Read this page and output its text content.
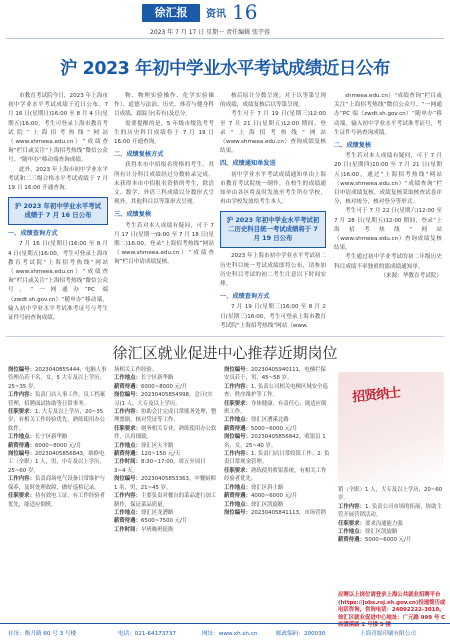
徐汇报	资讯 16
2023 年 7 月 17 日 星期一 责任编辑 张宇蓉
沪 2023 年初中学业水平考试成绩近日公布

市教育考试院今日，2023 年上海市初中学业水平考试成绩于近日公布。7 月 16 日(星期日)16:00 至 8 月 4 日(星期五)16:00，考生可登录上海市教育考试院“上海招考热线”网站（www.shmeea.edu.cn）“成绩查询”栏目或关注“上海招考热线”微信公众号、“随申办”移动端查询成绩。

此外，2023 年上海市初中学业水平考试和二三级合格水平考试成绩于 7 月 19 日 16:00 开通查询。

沪 2023 年初中学业水平考试成绩于 7 月 16 日公布
一、成绩查询方式

7 月 16 日(星期日)16:00 至 8 月 4 日(星期五)16:00，考生可登录上海市教育考试院“上海招考热线”网站（www.shmeea.edu.cn）“成绩查询”栏目或关注“上海招考热线”微信公众号，“一网通办”PC 端（zwdt.sh.gov.cn）“随申办”移动端，输入初中学业水平考试准考证号与考生证件号码查询成绩。

物、物理实验操作、化学实验操作）、道德与法治、历史、体育与健身科目成绩，跟踪分(若有)及总分。

需要提醒的是，5 年级市级选考考生的历史科目成绩将于 7 月 19 日 16:00 开通查询。

二、成绩复核方式

获得本市中招报名资格的考生，其所有计分科目成绩经过分数转录完成，未获得本市中招报名资格的考生，除语文、数学、外语三科成绩以分数形式呈现外，其他科目以等第形式呈现。

三、成绩复核

考生若对本人成绩有疑问，可于 7 月 17 日(星期一)9:00 至 7 月 18 日(星期二)16:00，登录“上海招考热线”网站（www.shmeea.edu.cn）“成绩查询”栏目申请成绩复核。

核后原计分数呈现；对于以等第呈现的成绩，成绩复核后以等第呈现。

考生可于 7 月 19 日(星期三)12:00 至 7 月 21 日(星期五)12:00 期间，登录“上海招考热线”网站（www.shmeea.edu.cn）查询成绩复核结果。

四、成绩通知单发送

初中学业水平考试成绩通知单由上海市教育考试院统一制作，在校生的成绩通知单由各区将及时发放至考生所在学校，再由学校发放给考生本人。

沪 2023 年初中学业水平考试初二历史科目统一考试成绩将于 7 月 19 日公布

2023 年上海市初中学业水平考试初二历史科目统一考试成绩即将公布，请参加历史科目考试的初二考生注意以下时间安排。

一、成绩查询方式

7 月 19 日(星期三)16:00 至 8 月 2 日(星期三)16:00，考生可登录上海市教育考试院“上海招考热线”网站（www.

shmeea.edu.cn）“成绩查询”栏目或关注“上海招考热线”微信公众号、“一网通办”PC 端（zwdt.sh.gov.cn）“随申办”移动端，输入初中学业水平考试准考证号，考生证件号码查询成绩。

二、成绩复核

考生若对本人成绩有疑问，可于 7 月 20 日(星期四)10:00 至 7 月 21 日(星期五)16:00，通过“上海招考热线”网站（www.shmeea.edu.cn）“成绩查询”栏目申请成绩复核。成绩复核采取核查试卷评分，核对统分，核对登分等形式。

考生可于 7 月 22 日(星期六)12:00 至 7 月 28 日(星期五)12:00 期间，登录“上海招考热线”网站（www.shmeea.edu.cn）查询成绩复核结果。

考生通过初中学业考试的初二年级历史科目成绩不率独重的那成绩通知单。

（来源：华教育考试院）

徐汇区就业促进中心推荐近期岗位

岗位编号：2023040855444，电脑人事管理员若干名，女，5 大专及以上学历，25~35 岁。

工作内容：负责门店人事工作，员工档案管理，招聘面试协助等日常事务。

任职要求：1. 大专及以上学历，20~35 岁，有相关工作经验优先，熟练使用办公软件。

工作地点：长宁区新华路

薪资待遇：6000~8000 元/月

岗位编号：20230405856843，维修电工（全职）1 人，男，中专及以上学历，25~60 岁。

工作内容：负责商场电气设备日常维护与保养，及时处理故障，做好巡检记录。

任职要求：持有效电工证，有工作经验者优先，能适应倒班。

场相关工作经验。

工作地点：长宁区新华路

薪资待遇：6000~8000 元/月

岗位编号：20230405854998，会计(实习)1 人，大专及以上学历。

工作内容：协助会计完成日常账务处理，整理票据，核对凭证等工作。

任职要求：财务相关专业，熟练使用办公软件，认真细致。

工作地点：徐汇区天平路

薪资待遇：120~150 元/天

工作时间：8:30~17:00，周五至周日 3~4 天。

岗位编号：20230405853363，中餐厨师 1 名，男，21~45 岁。

工作内容：主要负责对餐台的菜品进行加工制作，保证菜品质量。

工作地点：徐汇区龙漕路

薪资待遇：6500~7500 元/月

工作时间：早班晚班轮换

岗位编号：20230405940111，电梯拦保安员若干，男，45~58 岁。

工作内容：1. 负责公司相关电梯区域安全巡查、秩序维护等工作。

任职要求：身体健康，有责任心，能适应倒班工作。

工作地点：徐汇区漕溪北路

薪资待遇：5000~6000 元/月

岗位编号：20230405856842，收银员 1 名，女，25~40 岁。

工作内容：1. 负责门店日常收银工作；2. 负责日常现金管理。

任职要求：熟练使用收银系统，有相关工作经验者优先。

工作地点：徐汇区斜土路

薪资待遇：4000~6000 元/月

工作地点：徐汇区凯旋路

岗位编号：20230405841113，市场营销

招贤纳士

销（全职）1 人，大专及以上学历，20~60 岁。

工作内容：1. 负责公司市场的拓展，协助主管开展营销活动。

任职要求：要求沟通能力强

工作地点：徐汇区凯旋路

薪资待遇：5000~6000 元/月

应聘以上岗位请登录上海公共就业招聘平台(https://jobs.rsj.sh.gov.cn)投递简历或电话咨询，咨询电话：24092222-3010。徐汇区就业促进中心地址：广元路 999 号 C 座漕溪路 2 号楼 5 楼
社址：衡升路 60 号 3 号楼	电话：021-64173737	网址：www.xh.sh.cn	邮政编码：200030	上海青源印刷有限公司
